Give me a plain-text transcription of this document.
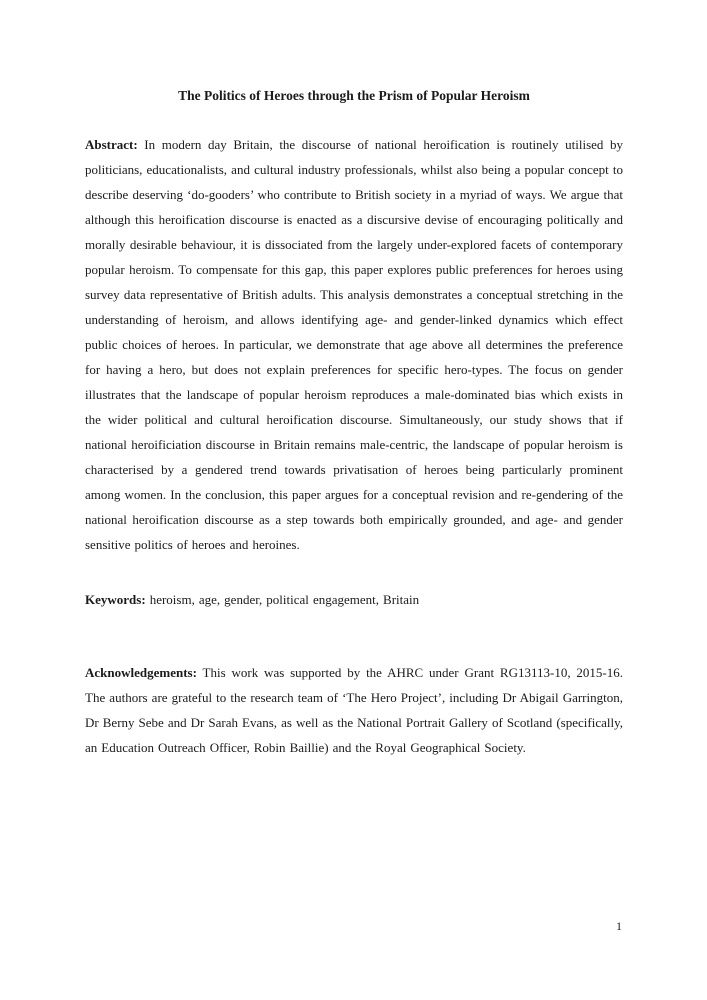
The Politics of Heroes through the Prism of Popular Heroism

Abstract: In modern day Britain, the discourse of national heroification is routinely utilised by politicians, educationalists, and cultural industry professionals, whilst also being a popular concept to describe deserving ‘do-gooders’ who contribute to British society in a myriad of ways. We argue that although this heroification discourse is enacted as a discursive devise of encouraging politically and morally desirable behaviour, it is dissociated from the largely under-explored facets of contemporary popular heroism. To compensate for this gap, this paper explores public preferences for heroes using survey data representative of British adults. This analysis demonstrates a conceptual stretching in the understanding of heroism, and allows identifying age- and gender-linked dynamics which effect public choices of heroes. In particular, we demonstrate that age above all determines the preference for having a hero, but does not explain preferences for specific hero-types. The focus on gender illustrates that the landscape of popular heroism reproduces a male-dominated bias which exists in the wider political and cultural heroification discourse. Simultaneously, our study shows that if national heroificiation discourse in Britain remains male-centric, the landscape of popular heroism is characterised by a gendered trend towards privatisation of heroes being particularly prominent among women. In the conclusion, this paper argues for a conceptual revision and re-gendering of the national heroification discourse as a step towards both empirically grounded, and age- and gender sensitive politics of heroes and heroines.

Keywords: heroism, age, gender, political engagement, Britain

Acknowledgements: This work was supported by the AHRC under Grant RG13113-10, 2015-16. The authors are grateful to the research team of ‘The Hero Project’, including Dr Abigail Garrington, Dr Berny Sebe and Dr Sarah Evans, as well as the National Portrait Gallery of Scotland (specifically, an Education Outreach Officer, Robin Baillie) and the Royal Geographical Society.

1
